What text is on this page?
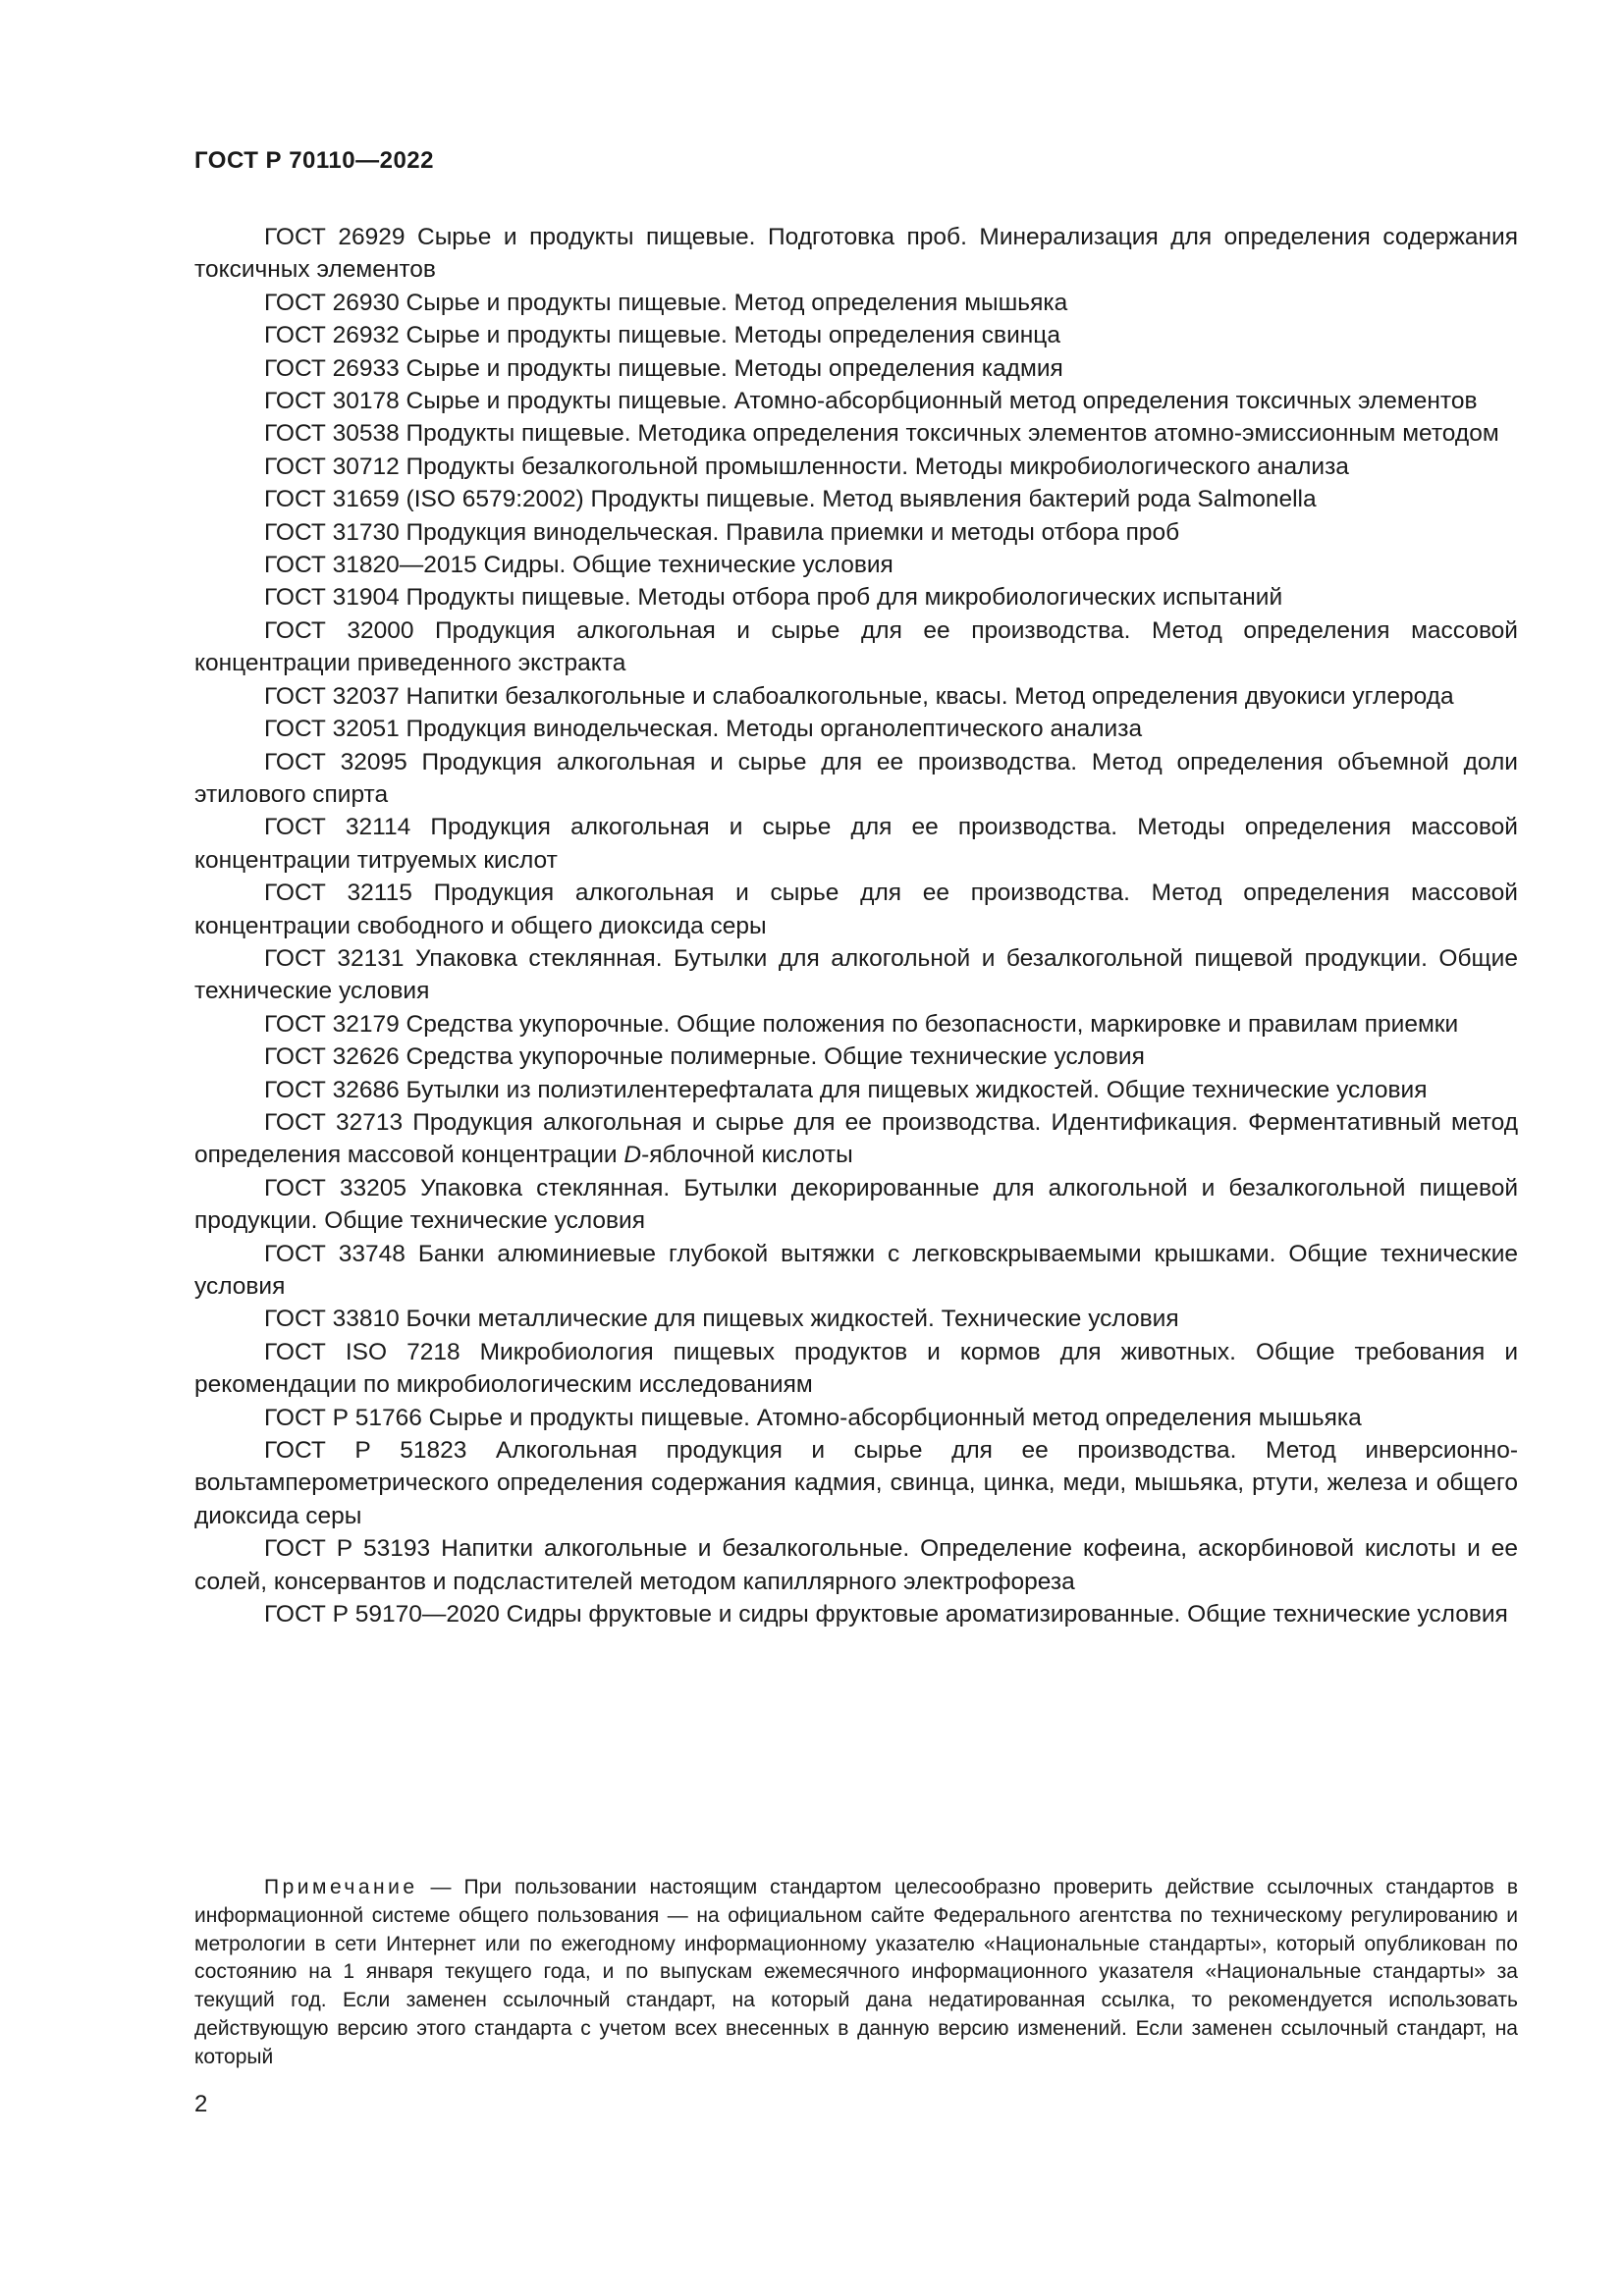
ГОСТ Р 70110—2022

ГОСТ 26929 Сырье и продукты пищевые. Подготовка проб. Минерализация для определения содержания токсичных элементов

ГОСТ 26930 Сырье и продукты пищевые. Метод определения мышьяка

ГОСТ 26932 Сырье и продукты пищевые. Методы определения свинца

ГОСТ 26933 Сырье и продукты пищевые. Методы определения кадмия

ГОСТ 30178 Сырье и продукты пищевые. Атомно-абсорбционный метод определения токсичных элементов

ГОСТ 30538 Продукты пищевые. Методика определения токсичных элементов атомно-эмиссионным методом

ГОСТ 30712 Продукты безалкогольной промышленности. Методы микробиологического анализа

ГОСТ 31659 (ISO 6579:2002) Продукты пищевые. Метод выявления бактерий рода Salmonella

ГОСТ 31730 Продукция винодельческая. Правила приемки и методы отбора проб

ГОСТ 31820—2015 Сидры. Общие технические условия

ГОСТ 31904 Продукты пищевые. Методы отбора проб для микробиологических испытаний

ГОСТ 32000 Продукция алкогольная и сырье для ее производства. Метод определения массовой концентрации приведенного экстракта

ГОСТ 32037 Напитки безалкогольные и слабоалкогольные, квасы. Метод определения двуокиси углерода

ГОСТ 32051 Продукция винодельческая. Методы органолептического анализа

ГОСТ 32095 Продукция алкогольная и сырье для ее производства. Метод определения объемной доли этилового спирта

ГОСТ 32114 Продукция алкогольная и сырье для ее производства. Методы определения массовой концентрации титруемых кислот

ГОСТ 32115 Продукция алкогольная и сырье для ее производства. Метод определения массовой концентрации свободного и общего диоксида серы

ГОСТ 32131 Упаковка стеклянная. Бутылки для алкогольной и безалкогольной пищевой продукции. Общие технические условия

ГОСТ 32179 Средства укупорочные. Общие положения по безопасности, маркировке и правилам приемки

ГОСТ 32626 Средства укупорочные полимерные. Общие технические условия

ГОСТ 32686 Бутылки из полиэтилентерефталата для пищевых жидкостей. Общие технические условия

ГОСТ 32713 Продукция алкогольная и сырье для ее производства. Идентификация. Ферментативный метод определения массовой концентрации D-яблочной кислоты

ГОСТ 33205 Упаковка стеклянная. Бутылки декорированные для алкогольной и безалкогольной пищевой продукции. Общие технические условия

ГОСТ 33748 Банки алюминиевые глубокой вытяжки с легковскрываемыми крышками. Общие технические условия

ГОСТ 33810 Бочки металлические для пищевых жидкостей. Технические условия

ГОСТ ISO 7218 Микробиология пищевых продуктов и кормов для животных. Общие требования и рекомендации по микробиологическим исследованиям

ГОСТ Р 51766 Сырье и продукты пищевые. Атомно-абсорбционный метод определения мышьяка

ГОСТ Р 51823 Алкогольная продукция и сырье для ее производства. Метод инверсионно-вольтамперометрического определения содержания кадмия, свинца, цинка, меди, мышьяка, ртути, железа и общего диоксида серы

ГОСТ Р 53193 Напитки алкогольные и безалкогольные. Определение кофеина, аскорбиновой кислоты и ее солей, консервантов и подсластителей методом капиллярного электрофореза

ГОСТ Р 59170—2020 Сидры фруктовые и сидры фруктовые ароматизированные. Общие технические условия

Примечание — При пользовании настоящим стандартом целесообразно проверить действие ссылочных стандартов в информационной системе общего пользования — на официальном сайте Федерального агентства по техническому регулированию и метрологии в сети Интернет или по ежегодному информационному указателю «Национальные стандарты», который опубликован по состоянию на 1 января текущего года, и по выпускам ежемесячного информационного указателя «Национальные стандарты» за текущий год. Если заменен ссылочный стандарт, на который дана недатированная ссылка, то рекомендуется использовать действующую версию этого стандарта с учетом всех внесенных в данную версию изменений. Если заменен ссылочный стандарт, на который

2
